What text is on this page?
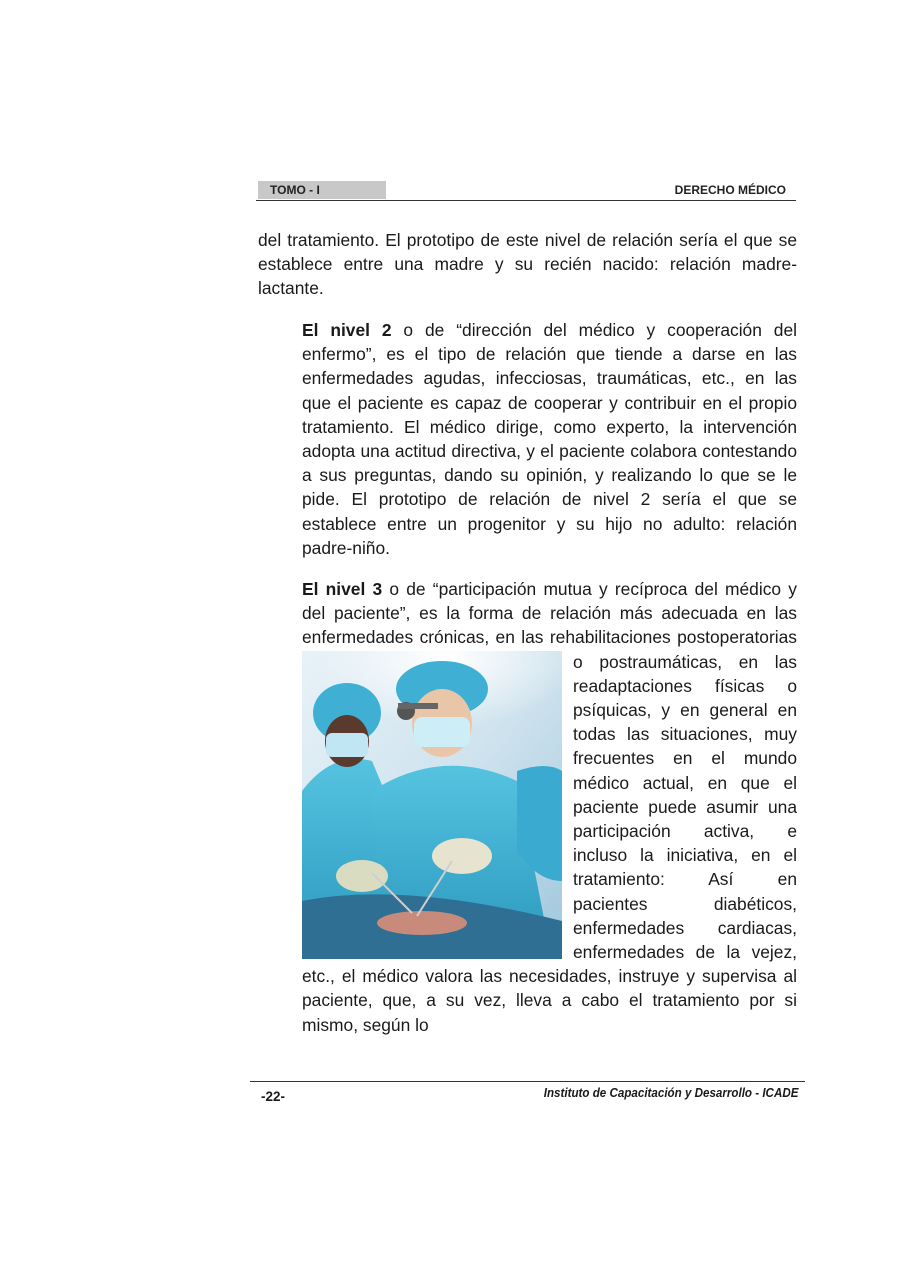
TOMO - I	DERECHO MÉDICO

del tratamiento. El prototipo de este nivel de relación sería el que se establece entre una madre y su recién nacido: relación madre-lactante.

El nivel 2 o de “dirección del médico y cooperación del enfermo”, es el tipo de relación que tiende a darse en las enfermedades agudas, infecciosas, traumáticas, etc., en las que el paciente es capaz de cooperar y contribuir en el propio tratamiento. El médico dirige, como experto, la intervención adopta una actitud directiva, y el paciente colabora contestando a sus preguntas, dando su opinión, y realizando lo que se le pide. El prototipo de relación de nivel 2 sería el que se establece entre un progenitor y su hijo no adulto: relación padre-niño.

El nivel 3 o de “participación mutua y recíproca del médico y del paciente”, es la forma de relación más adecuada en las enfermedades crónicas, en las rehabilitaciones
postoperatorias o postraumáticas, en las readaptaciones físicas o psíquicas, y en general en todas las situaciones, muy frecuentes en el mundo médico actual, en que el paciente puede asumir una participación activa, e incluso la iniciativa, en el tratamiento: Así en pacientes diabéticos, enfermedades cardiacas, enfermedades de la vejez, etc., el médico valora las necesidades, instruye y supervisa al paciente, que, a su vez, lleva a cabo el tratamiento por si mismo, según lo
-22-	Instituto de Capacitación y Desarrollo - ICADE
